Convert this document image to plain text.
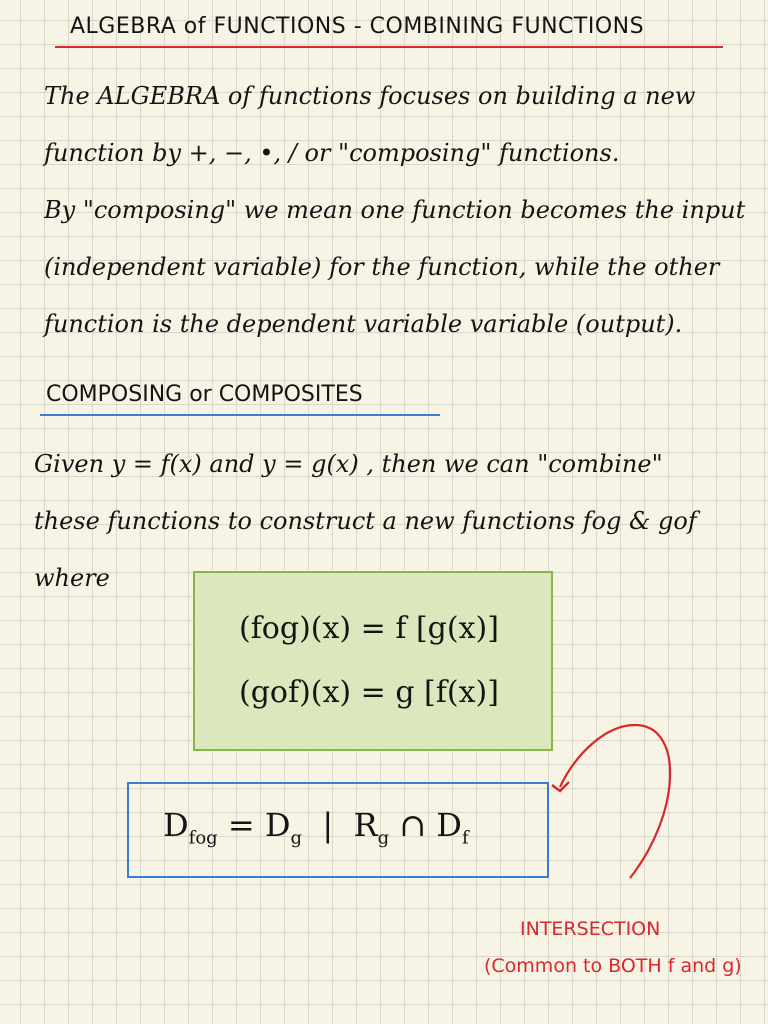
ALGEBRA of FUNCTIONS - COMBINING FUNCTIONS

The ALGEBRA of functions focuses on building a new

function by +, −, •, / or "composing" functions.

By "composing" we mean one function becomes the input

(independent variable) for the function, while the other

function is the dependent variable variable (output).

COMPOSING or COMPOSITES

Given y = f(x) and y = g(x) , then we can "combine"

these functions to construct a new functions fog & gof

where

(fog)(x) = f [g(x)]
(gof)(x) = g [f(x)]
$D_{fog} = D_g$ | $R_g$ ∩ $D_f$
INTERSECTION
(Common to BOTH f and g)
